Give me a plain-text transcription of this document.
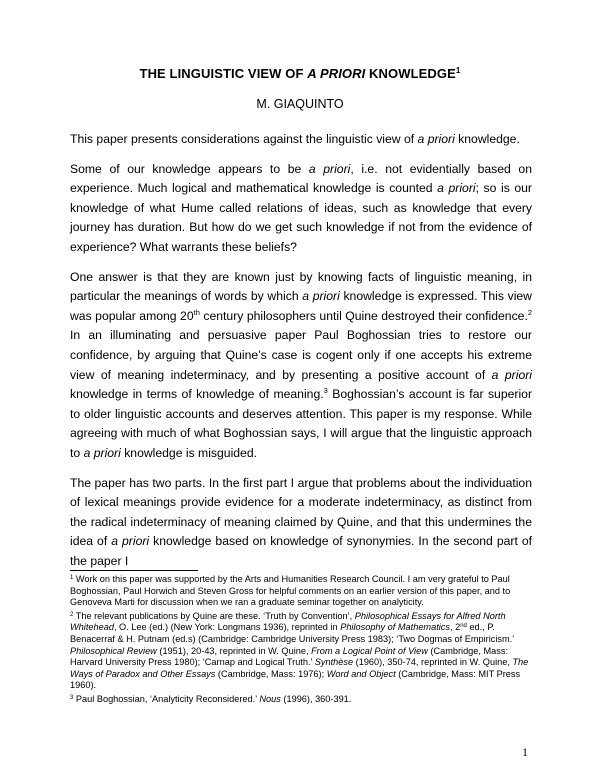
THE LINGUISTIC VIEW OF A PRIORI KNOWLEDGE$^1$
M. GIAQUINTO

This paper presents considerations against the linguistic view of a priori knowledge.

Some of our knowledge appears to be a priori, i.e. not evidentially based on experience. Much logical and mathematical knowledge is counted a priori; so is our knowledge of what Hume called relations of ideas, such as knowledge that every journey has duration. But how do we get such knowledge if not from the evidence of experience? What warrants these beliefs?

One answer is that they are known just by knowing facts of linguistic meaning, in particular the meanings of words by which a priori knowledge is expressed. This view was popular among 20th century philosophers until Quine destroyed their confidence.$^2$ In an illuminating and persuasive paper Paul Boghossian tries to restore our confidence, by arguing that Quine’s case is cogent only if one accepts his extreme view of meaning indeterminacy, and by presenting a positive account of a priori knowledge in terms of knowledge of meaning.$^3$ Boghossian’s account is far superior to older linguistic accounts and deserves attention. This paper is my response. While agreeing with much of what Boghossian says, I will argue that the linguistic approach to a priori knowledge is misguided.

The paper has two parts. In the first part I argue that problems about the individuation of lexical meanings provide evidence for a moderate indeterminacy, as distinct from the radical indeterminacy of meaning claimed by Quine, and that this undermines the idea of a priori knowledge based on knowledge of synonymies. In the second part of the paper I

$^1$ Work on this paper was supported by the Arts and Humanities Research Council. I am very grateful to Paul Boghossian, Paul Horwich and Steven Gross for helpful comments on an earlier version of this paper, and to Genoveva Marti for discussion when we ran a graduate seminar together on analyticity.

$^2$ The relevant publications by Quine are these. ‘Truth by Convention’, Philosophical Essays for Alfred North Whitehead, O. Lee (ed.) (New York: Longmans 1936), reprinted in Philosophy of Mathematics, 2nd ed., P. Benacerraf & H. Putnam (ed.s) (Cambridge: Cambridge University Press 1983); ‘Two Dogmas of Empiricism.’ Philosophical Review (1951), 20-43, reprinted in W. Quine, From a Logical Point of View (Cambridge, Mass: Harvard University Press 1980); ‘Carnap and Logical Truth.’ Synthèse (1960), 350-74, reprinted in W. Quine, The Ways of Paradox and Other Essays (Cambridge, Mass: 1976); Word and Object (Cambridge, Mass: MIT Press 1960).

$^3$ Paul Boghossian, ‘Analyticity Reconsidered.’ Nous (1996), 360-391.

1
